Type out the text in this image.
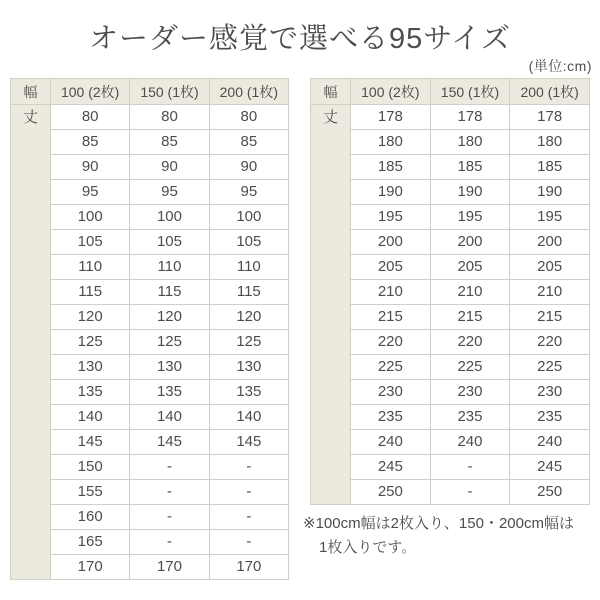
オーダー感覚で選べる95サイズ
(単位:cm)
幅	100 (2枚)	150 (1枚)	200 (1枚)
丈	80	80	80
	85	85	85
	90	90	90
	95	95	95
	100	100	100
	105	105	105
	110	110	110
	115	115	115
	120	120	120
	125	125	125
	130	130	130
	135	135	135
	140	140	140
	145	145	145
	150	-	-
	155	-	-
	160	-	-
	165	-	-
	170	170	170
幅	100 (2枚)	150 (1枚)	200 (1枚)
丈	178	178	178
	180	180	180
	185	185	185
	190	190	190
	195	195	195
	200	200	200
	205	205	205
	210	210	210
	215	215	215
	220	220	220
	225	225	225
	230	230	230
	235	235	235
	240	240	240
	245	-	245
	250	-	250
※100cm幅は2枚入り、150・200cm幅は
1枚入りです。
